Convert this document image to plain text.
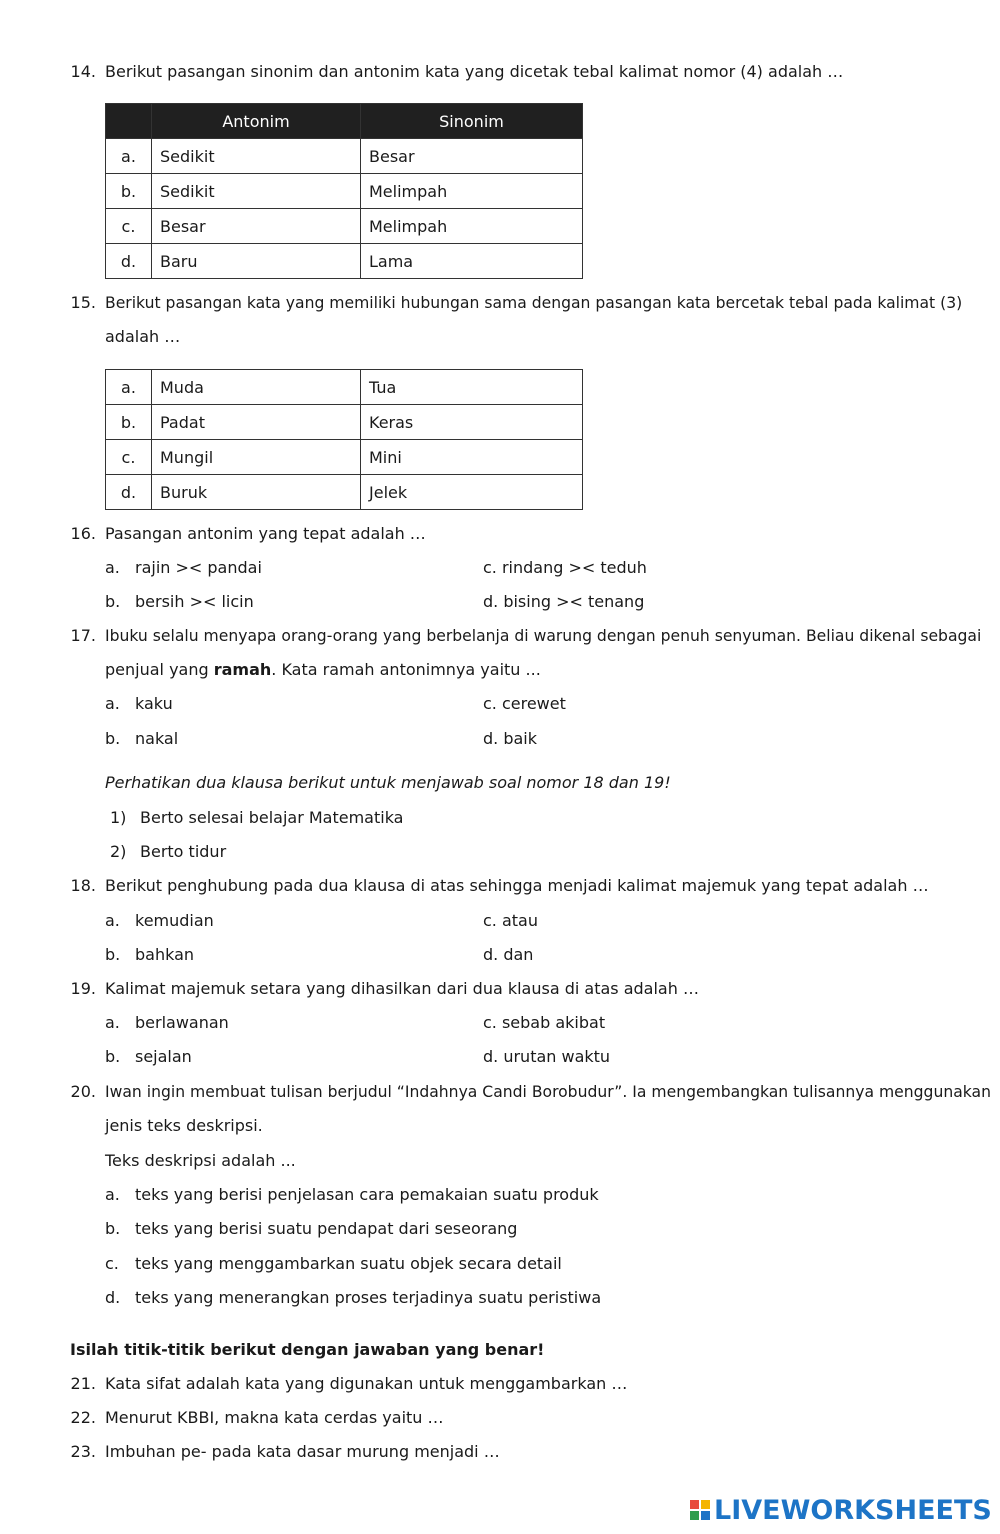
14. Berikut pasangan sinonim dan antonim kata yang dicetak tebal kalimat nomor (4) adalah …
	Antonim	Sinonim
a.	Sedikit	Besar
b.	Sedikit	Melimpah
c.	Besar	Melimpah
d.	Baru	Lama
15. Berikut pasangan kata yang memiliki hubungan sama dengan pasangan kata bercetak tebal pada kalimat (3)
adalah …
a.	Muda	Tua
b.	Padat	Keras
c.	Mungil	Mini
d.	Buruk	Jelek
16. Pasangan antonim yang tepat adalah …
a. rajin >< pandai	c. rindang >< teduh
b. bersih >< licin	d. bising >< tenang
17. Ibuku selalu menyapa orang-orang yang berbelanja di warung dengan penuh senyuman. Beliau dikenal sebagai
penjual yang ramah. Kata ramah antonimnya yaitu ...
a. kaku	c. cerewet
b. nakal	d. baik
Perhatikan dua klausa berikut untuk menjawab soal nomor 18 dan 19!
1) Berto selesai belajar Matematika
2) Berto tidur
18. Berikut penghubung pada dua klausa di atas sehingga menjadi kalimat majemuk yang tepat adalah …
a. kemudian	c. atau
b. bahkan	d. dan
19. Kalimat majemuk setara yang dihasilkan dari dua klausa di atas adalah …
a. berlawanan	c. sebab akibat
b. sejalan	d. urutan waktu
20. Iwan ingin membuat tulisan berjudul “Indahnya Candi Borobudur”. Ia mengembangkan tulisannya menggunakan
jenis teks deskripsi.
Teks deskripsi adalah ...
a. teks yang berisi penjelasan cara pemakaian suatu produk
b. teks yang berisi suatu pendapat dari seseorang
c. teks yang menggambarkan suatu objek secara detail
d. teks yang menerangkan proses terjadinya suatu peristiwa
Isilah titik-titik berikut dengan jawaban yang benar!
21. Kata sifat adalah kata yang digunakan untuk menggambarkan …
22. Menurut KBBI, makna kata cerdas yaitu …
23. Imbuhan pe- pada kata dasar murung menjadi …
LIVEWORKSHEETS
